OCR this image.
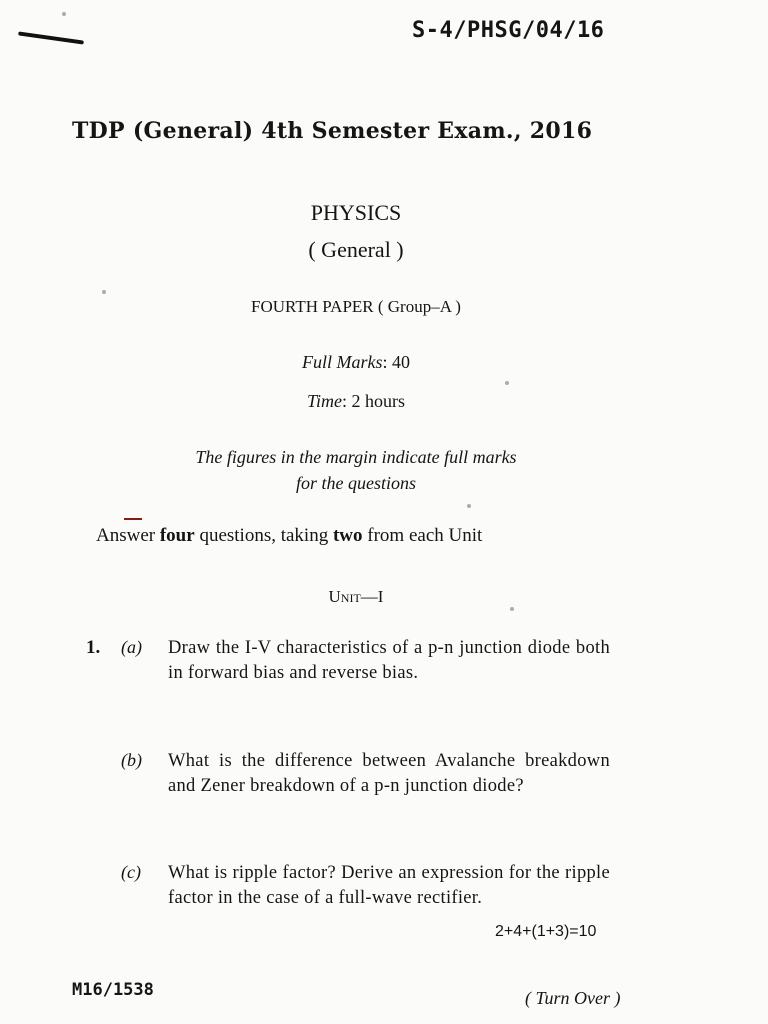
S-4/PHSG/04/16
TDP (General) 4th Semester Exam., 2016
PHYSICS
( General )
FOURTH PAPER ( Group–A )
Full Marks: 40
Time: 2 hours
The figures in the margin indicate full marks
for the questions
Answer four questions, taking two from each Unit
Unit—I
1. (a) Draw the I-V characteristics of a p-n junction diode both in forward bias and reverse bias.
(b) What is the difference between Avalanche breakdown and Zener breakdown of a p-n junction diode?
(c) What is ripple factor? Derive an expression for the ripple factor in the case of a full-wave rectifier.
2+4+(1+3)=10
M16/1538	( Turn Over )
